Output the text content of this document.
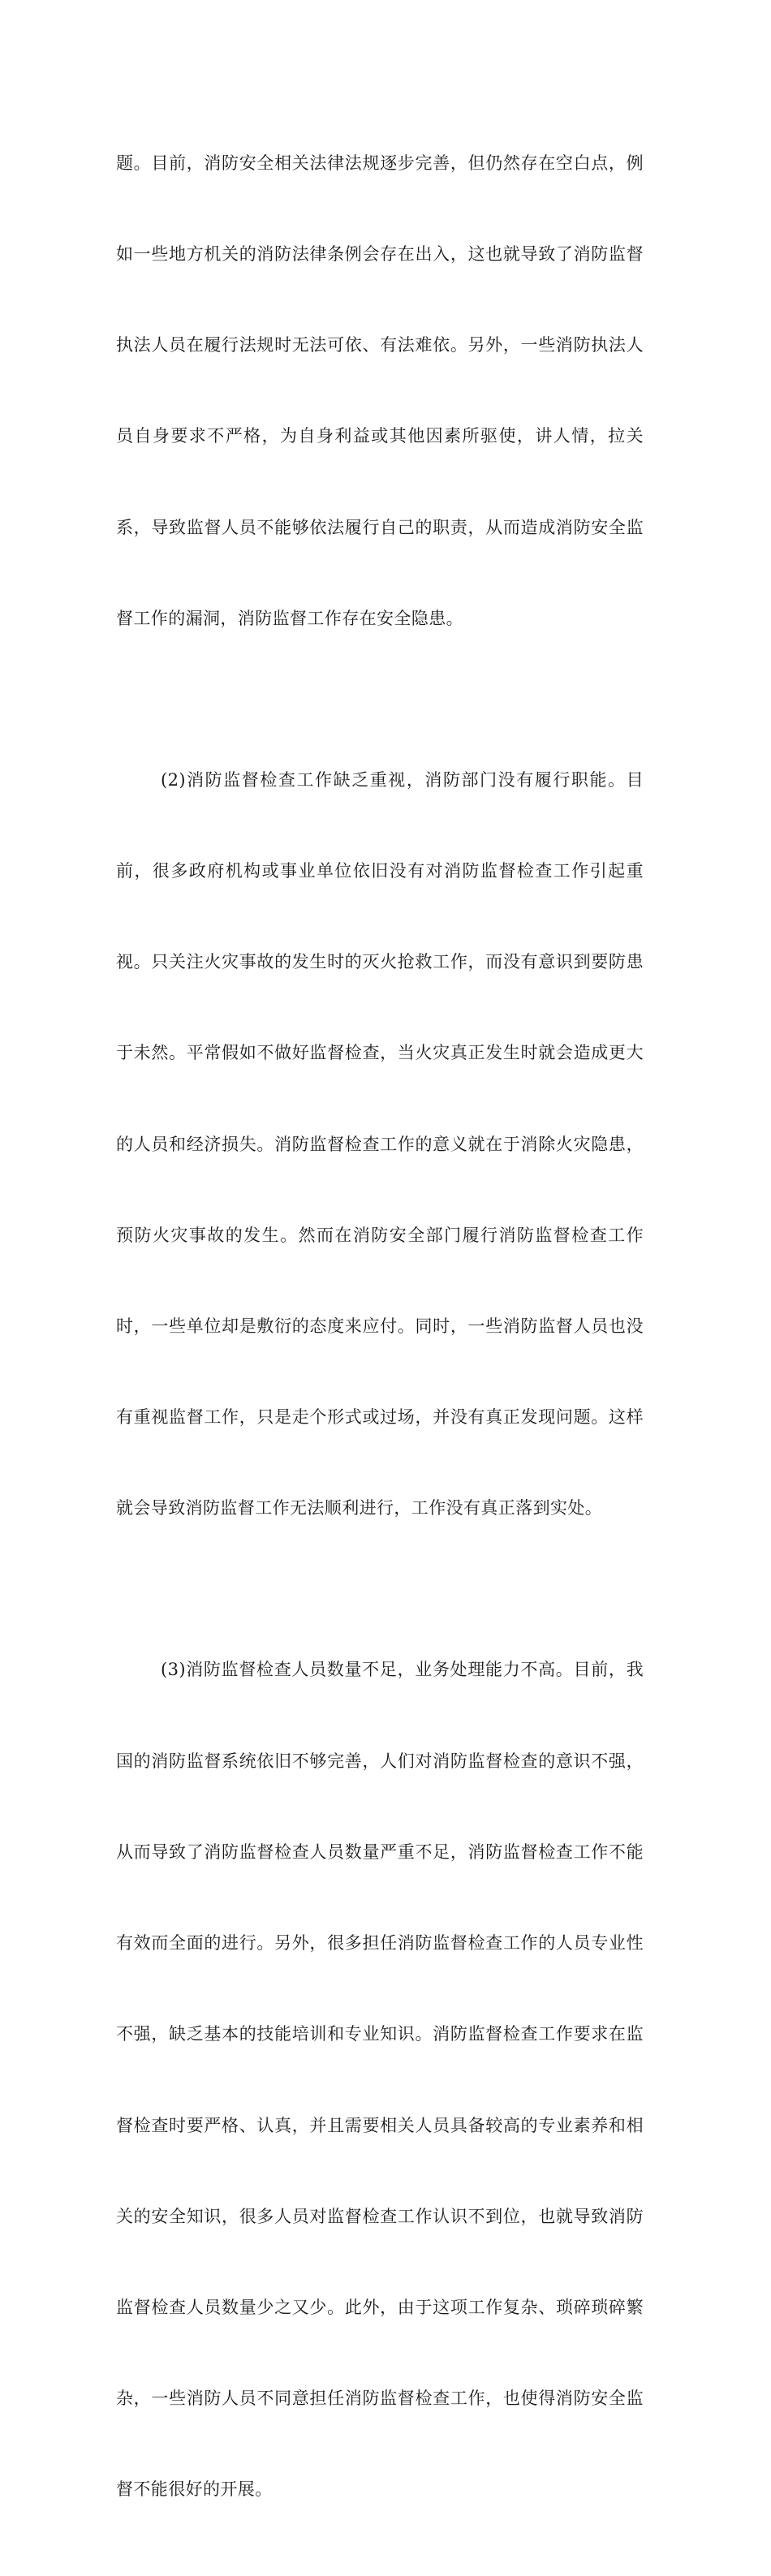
题。目前，消防安全相关法律法规逐步完善，但仍然存在空白点，例

如一些地方机关的消防法律条例会存在出入，这也就导致了消防监督

执法人员在履行法规时无法可依、有法难依。另外，一些消防执法人

员自身要求不严格，为自身利益或其他因素所驱使，讲人情，拉关

系，导致监督人员不能够依法履行自己的职责，从而造成消防安全监

督工作的漏洞，消防监督工作存在安全隐患。

(2)消防监督检查工作缺乏重视，消防部门没有履行职能。目

前，很多政府机构或事业单位依旧没有对消防监督检查工作引起重

视。只关注火灾事故的发生时的灭火抢救工作，而没有意识到要防患

于未然。平常假如不做好监督检查，当火灾真正发生时就会造成更大

的人员和经济损失。消防监督检查工作的意义就在于消除火灾隐患，

预防火灾事故的发生。然而在消防安全部门履行消防监督检查工作

时，一些单位却是敷衍的态度来应付。同时，一些消防监督人员也没

有重视监督工作，只是走个形式或过场，并没有真正发现问题。这样

就会导致消防监督工作无法顺利进行，工作没有真正落到实处。

(3)消防监督检查人员数量不足，业务处理能力不高。目前，我

国的消防监督系统依旧不够完善，人们对消防监督检查的意识不强，

从而导致了消防监督检查人员数量严重不足，消防监督检查工作不能

有效而全面的进行。另外，很多担任消防监督检查工作的人员专业性

不强，缺乏基本的技能培训和专业知识。消防监督检查工作要求在监

督检查时要严格、认真，并且需要相关人员具备较高的专业素养和相

关的安全知识，很多人员对监督检查工作认识不到位，也就导致消防

监督检查人员数量少之又少。此外，由于这项工作复杂、琐碎琐碎繁

杂，一些消防人员不同意担任消防监督检查工作，也使得消防安全监

督不能很好的开展。
